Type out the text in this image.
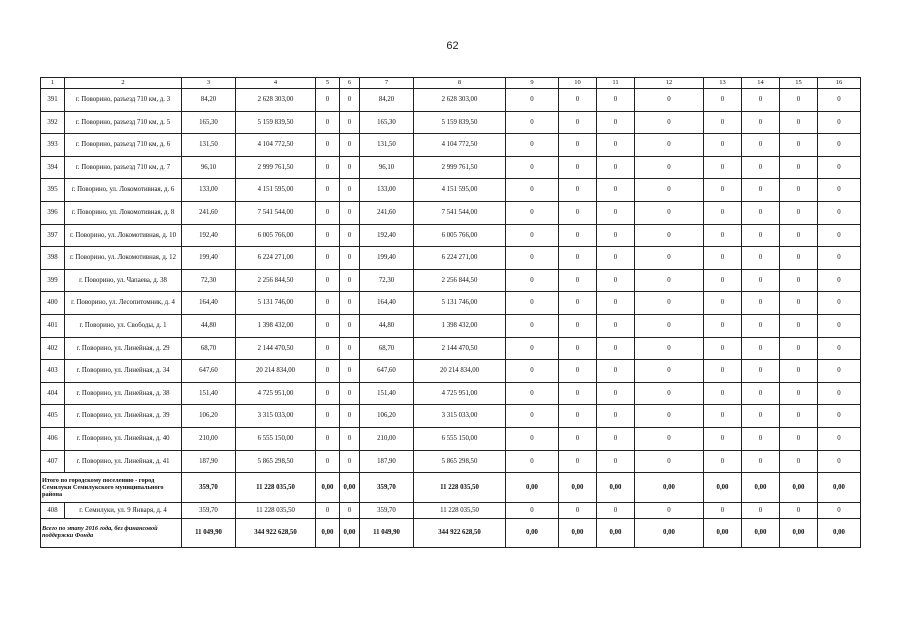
62
1	2	3	4	5	6	7	8	9	10	11	12	13	14	15	16
391	г. Поворино, разъезд 710 км, д. 3	84,20	2 628 303,00	0	0	84,20	2 628 303,00	0	0	0	0	0	0	0	0
392	г. Поворино, разъезд 710 км, д. 5	165,30	5 159 839,50	0	0	165,30	5 159 839,50	0	0	0	0	0	0	0	0
393	г. Поворино, разъезд 710 км, д. 6	131,50	4 104 772,50	0	0	131,50	4 104 772,50	0	0	0	0	0	0	0	0
394	г. Поворино, разъезд 710 км, д. 7	96,10	2 999 761,50	0	0	96,10	2 999 761,50	0	0	0	0	0	0	0	0
395	г. Поворино, ул. Локомотивная, д. 6	133,00	4 151 595,00	0	0	133,00	4 151 595,00	0	0	0	0	0	0	0	0
396	г. Поворино, ул. Локомотивная, д. 8	241,60	7 541 544,00	0	0	241,60	7 541 544,00	0	0	0	0	0	0	0	0
397	г. Поворино, ул. Локомотивная, д. 10	192,40	6 005 766,00	0	0	192,40	6 005 766,00	0	0	0	0	0	0	0	0
398	г. Поворино, ул. Локомотивная, д. 12	199,40	6 224 271,00	0	0	199,40	6 224 271,00	0	0	0	0	0	0	0	0
399	г. Поворино, ул. Чапаева, д. 38	72,30	2 256 844,50	0	0	72,30	2 256 844,50	0	0	0	0	0	0	0	0
400	г. Поворино, ул. Лесопитомник, д. 4	164,40	5 131 746,00	0	0	164,40	5 131 746,00	0	0	0	0	0	0	0	0
401	г. Поворино, ул. Свободы, д. 1	44,80	1 398 432,00	0	0	44,80	1 398 432,00	0	0	0	0	0	0	0	0
402	г. Поворино, ул. Линейная, д. 29	68,70	2 144 470,50	0	0	68,70	2 144 470,50	0	0	0	0	0	0	0	0
403	г. Поворино, ул. Линейная, д. 34	647,60	20 214 834,00	0	0	647,60	20 214 834,00	0	0	0	0	0	0	0	0
404	г. Поворино, ул. Линейная, д. 38	151,40	4 725 951,00	0	0	151,40	4 725 951,00	0	0	0	0	0	0	0	0
405	г. Поворино, ул. Линейная, д. 39	106,20	3 315 033,00	0	0	106,20	3 315 033,00	0	0	0	0	0	0	0	0
406	г. Поворино, ул. Линейная, д. 40	210,00	6 555 150,00	0	0	210,00	6 555 150,00	0	0	0	0	0	0	0	0
407	г. Поворино, ул. Линейная, д. 41	187,90	5 865 298,50	0	0	187,90	5 865 298,50	0	0	0	0	0	0	0	0
Итого по городскому поселению - город Семилуки Семилукского муниципального района		359,70	11 228 035,50	0,00	0,00	359,70	11 228 035,50	0,00	0,00	0,00	0,00	0,00	0,00	0,00	0,00
408	г. Семилуки, ул. 9 Января, д. 4	359,70	11 228 035,50	0	0	359,70	11 228 035,50	0	0	0	0	0	0	0	0
Всего по этапу 2016 года, без финансовой поддержки Фонда		11 049,90	344 922 628,50	0,00	0,00	11 049,90	344 922 628,50	0,00	0,00	0,00	0,00	0,00	0,00	0,00	0,00
